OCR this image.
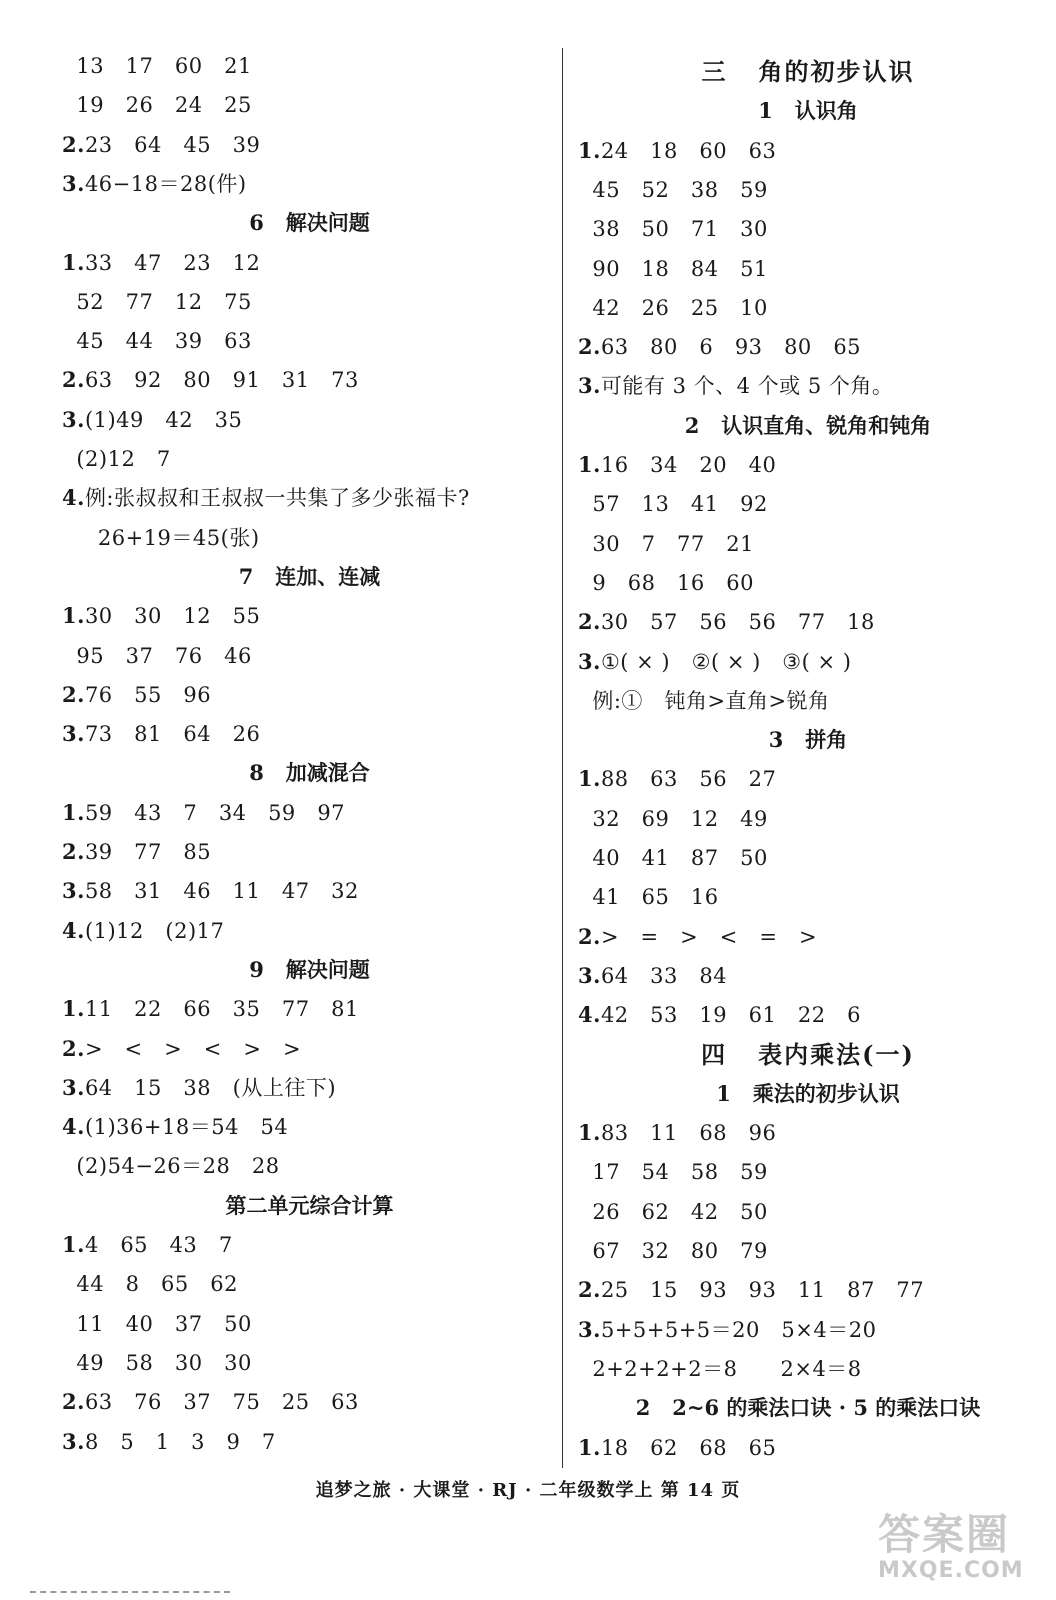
13   17   60   21
19   26   24   25
2.23   64   45   39
3.46−18＝28(件)
6   解决问题
1.33   47   23   12
52   77   12   75
45   44   39   63
2.63   92   80   91   31   73
3.(1)49   42   35
(2)12   7
4.例:张叔叔和王叔叔一共集了多少张福卡?
26+19＝45(张)
7   连加、连减
1.30   30   12   55
95   37   76   46
2.76   55   96
3.73   81   64   26
8   加减混合
1.59   43   7   34   59   97
2.39   77   85
3.58   31   46   11   47   32
4.(1)12   (2)17
9   解决问题
1.11   22   66   35   77   81
2.>   <   >   <   >   >
3.64   15   38   (从上往下)
4.(1)36+18＝54   54
(2)54−26＝28   28
第二单元综合计算
1.4   65   43   7
44   8   65   62
11   40   37   50
49   58   30   30
2.63   76   37   75   25   63
3.8   5   1   3   9   7
三   角的初步认识
1   认识角
1.24   18   60   63
45   52   38   59
38   50   71   30
90   18   84   51
42   26   25   10
2.63   80   6   93   80   65
3.可能有 3 个、4 个或 5 个角。
2   认识直角、锐角和钝角
1.16   34   20   40
57   13   41   92
30   7   77   21
9   68   16   60
2.30   57   56   56   77   18
3.①( × )   ②( × )   ③( × )
例:①   钝角>直角>锐角
3   拼角
1.88   63   56   27
32   69   12   49
40   41   87   50
41   65   16
2.>   =   >   <   =   >
3.64   33   84
4.42   53   19   61   22   6
四   表内乘法(一)
1   乘法的初步认识
1.83   11   68   96
17   54   58   59
26   62   42   50
67   32   80   79
2.25   15   93   93   11   87   77
3.5+5+5+5＝20   5×4＝20
2+2+2+2＝8      2×4＝8
2   2~6 的乘法口诀 · 5 的乘法口诀
1.18   62   68   65
追梦之旅 · 大课堂 · RJ · 二年级数学上 第 14 页
答案圈
MXQE.COM
